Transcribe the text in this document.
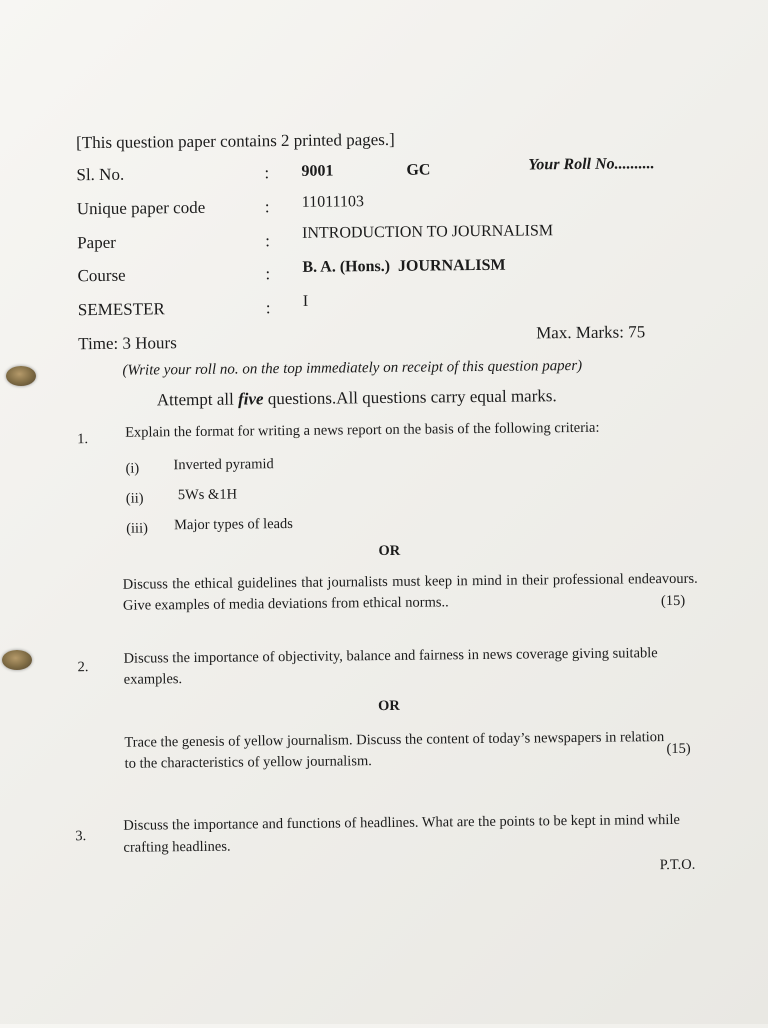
[This question paper contains 2 printed pages.]
Sl. No.	: 9001	GC	Your Roll No..........
Unique paper code	: 11011103
Paper	: INTRODUCTION TO JOURNALISM
Course	: B. A. (Hons.)  JOURNALISM
SEMESTER	: I
Time: 3 Hours
Max. Marks: 75
(Write your roll no. on the top immediately on receipt of this question paper)
Attempt all five questions.All questions carry equal marks.
1.	Explain the format for writing a news report on the basis of the following criteria:
(i) Inverted pyramid
(ii) 5Ws &1H
(iii) Major types of leads
OR
Discuss the ethical guidelines that journalists must keep in mind in their professional endeavours. Give examples of media deviations from ethical norms..	(15)
2.
Discuss the importance of objectivity, balance and fairness in news coverage giving suitable examples.
OR
Trace the genesis of yellow journalism. Discuss the content of today’s newspapers in relation to the characteristics of yellow journalism.
(15)
3.
Discuss the importance and functions of headlines. What are the points to be kept in mind while crafting headlines.
P.T.O.
